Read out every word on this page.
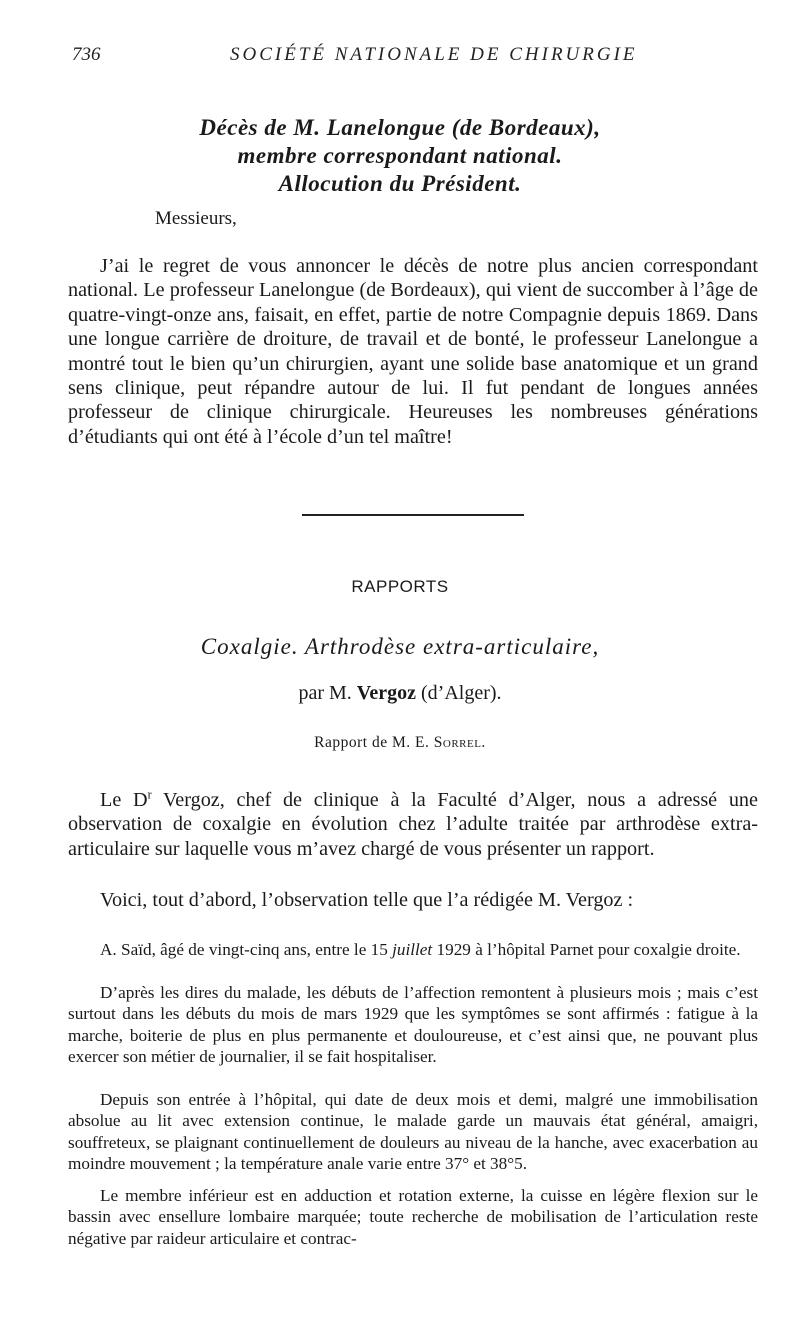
736	SOCIÉTÉ NATIONALE DE CHIRURGIE
Décès de M. Lanelongue (de Bordeaux),
membre correspondant national.
Allocution du Président.
Messieurs,

J’ai le regret de vous annoncer le décès de notre plus ancien correspondant national. Le professeur Lanelongue (de Bordeaux), qui vient de succomber à l’âge de quatre-vingt-onze ans, faisait, en effet, partie de notre Compagnie depuis 1869. Dans une longue carrière de droiture, de travail et de bonté, le professeur Lanelongue a montré tout le bien qu’un chirurgien, ayant une solide base anatomique et un grand sens clinique, peut répandre autour de lui. Il fut pendant de longues années professeur de clinique chirurgicale. Heureuses les nombreuses générations d’étudiants qui ont été à l’école d’un tel maître!

RAPPORTS
Coxalgie. Arthrodèse extra-articulaire,
par M. Vergoz (d’Alger).
Rapport de M. E. Sorrel.

Le $D^r$ Vergoz, chef de clinique à la Faculté d’Alger, nous a adressé une observation de coxalgie en évolution chez l’adulte traitée par arthrodèse extra-articulaire sur laquelle vous m’avez chargé de vous présenter un rapport.

Voici, tout d’abord, l’observation telle que l’a rédigée M. Vergoz :

A. Saïd, âgé de vingt-cinq ans, entre le 15 juillet 1929 à l’hôpital Parnet pour coxalgie droite.

D’après les dires du malade, les débuts de l’affection remontent à plusieurs mois ; mais c’est surtout dans les débuts du mois de mars 1929 que les symptômes se sont affirmés : fatigue à la marche, boiterie de plus en plus permanente et douloureuse, et c’est ainsi que, ne pouvant plus exercer son métier de journalier, il se fait hospitaliser.

Depuis son entrée à l’hôpital, qui date de deux mois et demi, malgré une immobilisation absolue au lit avec extension continue, le malade garde un mauvais état général, amaigri, souffreteux, se plaignant continuellement de douleurs au niveau de la hanche, avec exacerbation au moindre mouvement ; la température anale varie entre 37° et 38°5.

Le membre inférieur est en adduction et rotation externe, la cuisse en légère flexion sur le bassin avec ensellure lombaire marquée; toute recherche de mobilisation de l’articulation reste négative par raideur articulaire et contrac-
